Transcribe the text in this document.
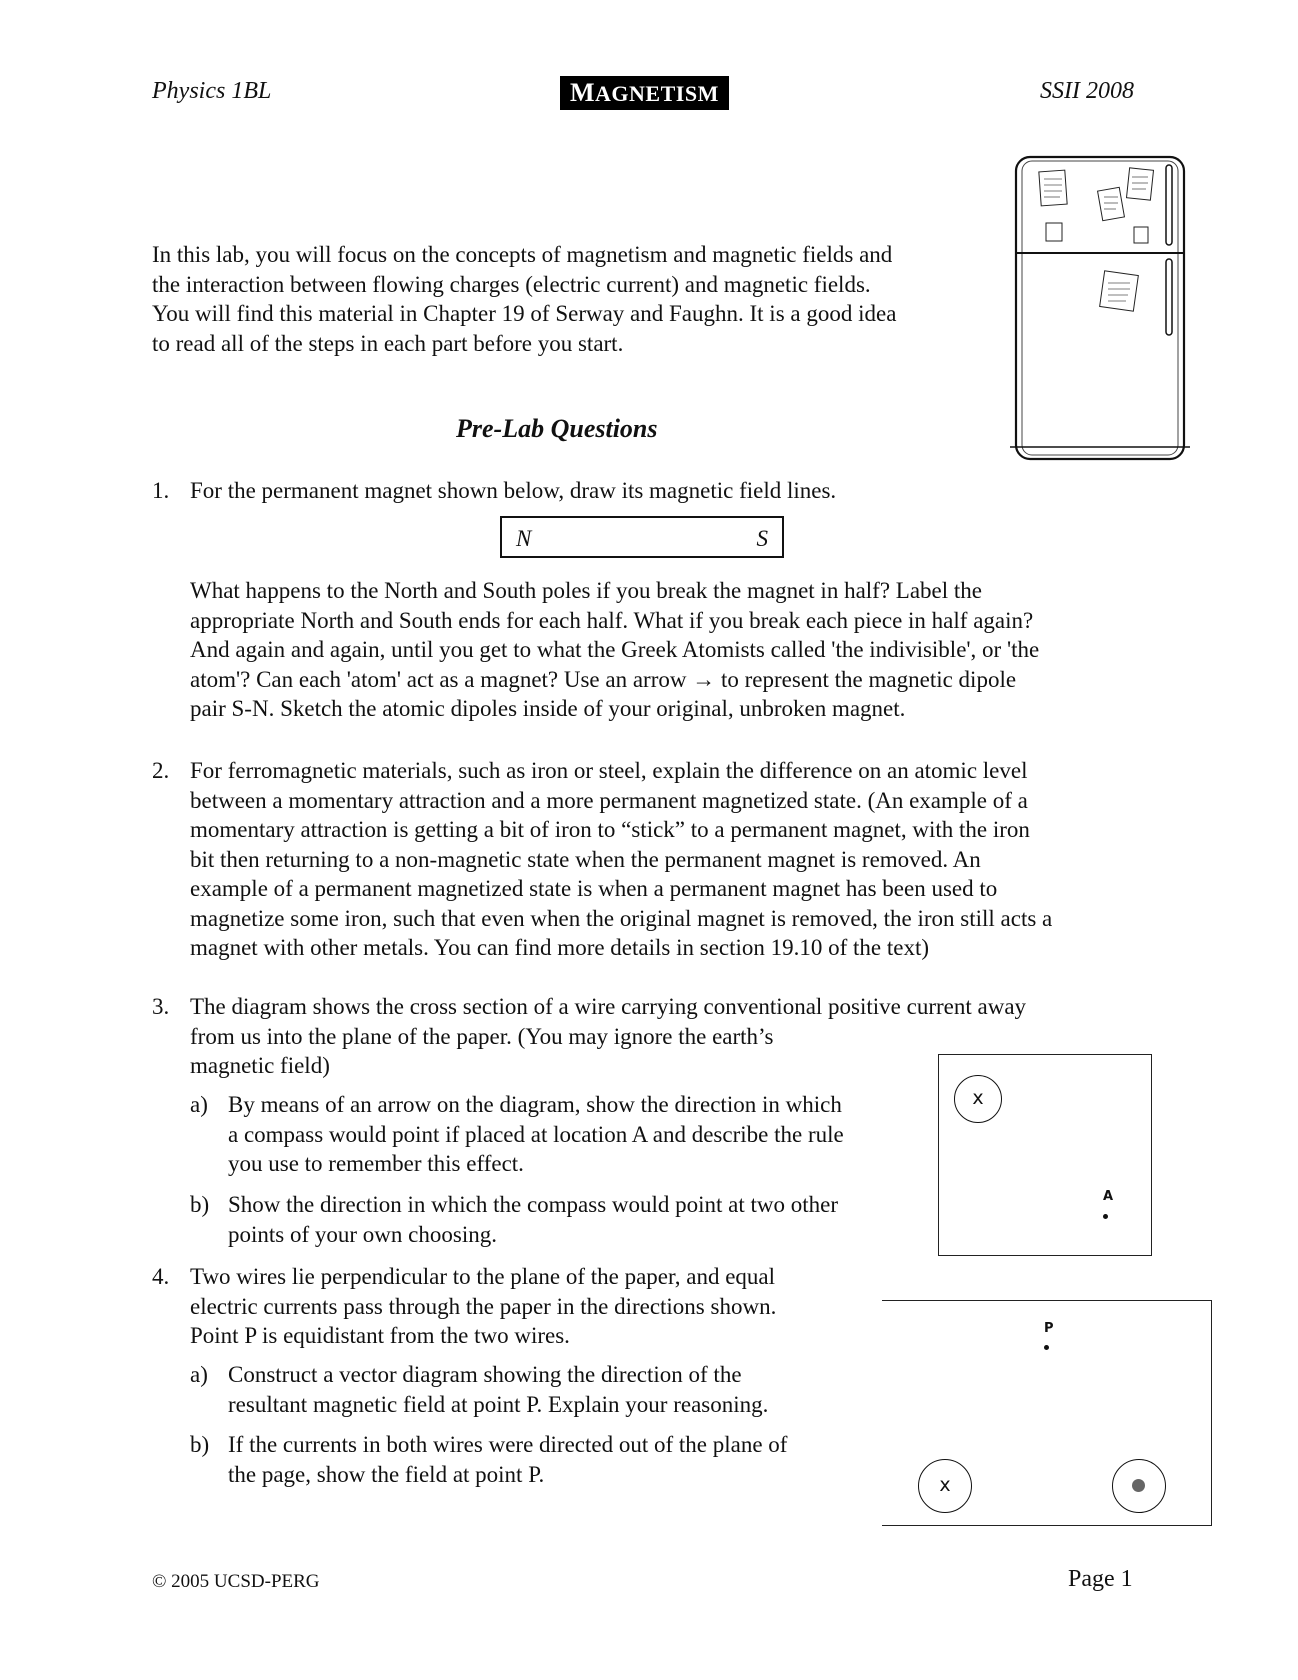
Physics 1BL	MAGNETISM	SSII 2008
In this lab, you will focus on the concepts of magnetism and magnetic fields and
the interaction between flowing charges (electric current) and magnetic fields.
You will find this material in Chapter 19 of Serway and Faughn. It is a good idea
to read all of the steps in each part before you start.
Pre-Lab Questions
1. For the permanent magnet shown below, draw its magnetic field lines.
N	S
What happens to the North and South poles if you break the magnet in half? Label the
appropriate North and South ends for each half. What if you break each piece in half again?
And again and again, until you get to what the Greek Atomists called 'the indivisible', or 'the
atom'? Can each 'atom' act as a magnet? Use an arrow → to represent the magnetic dipole
pair S-N. Sketch the atomic dipoles inside of your original, unbroken magnet.
2. For ferromagnetic materials, such as iron or steel, explain the difference on an atomic level
between a momentary attraction and a more permanent magnetized state. (An example of a
momentary attraction is getting a bit of iron to “stick” to a permanent magnet, with the iron
bit then returning to a non-magnetic state when the permanent magnet is removed. An
example of a permanent magnetized state is when a permanent magnet has been used to
magnetize some iron, such that even when the original magnet is removed, the iron still acts a
magnet with other metals. You can find more details in section 19.10 of the text)
3. The diagram shows the cross section of a wire carrying conventional positive current away
from us into the plane of the paper. (You may ignore the earth’s
magnetic field)
a) By means of an arrow on the diagram, show the direction in which
a compass would point if placed at location A and describe the rule
you use to remember this effect.
b) Show the direction in which the compass would point at two other
points of your own choosing.
x
A
4. Two wires lie perpendicular to the plane of the paper, and equal
electric currents pass through the paper in the directions shown.
Point P is equidistant from the two wires.
a) Construct a vector diagram showing the direction of the
resultant magnetic field at point P. Explain your reasoning.
b) If the currents in both wires were directed out of the plane of
the page, show the field at point P.
P
x
© 2005 UCSD-PERG	Page 1
